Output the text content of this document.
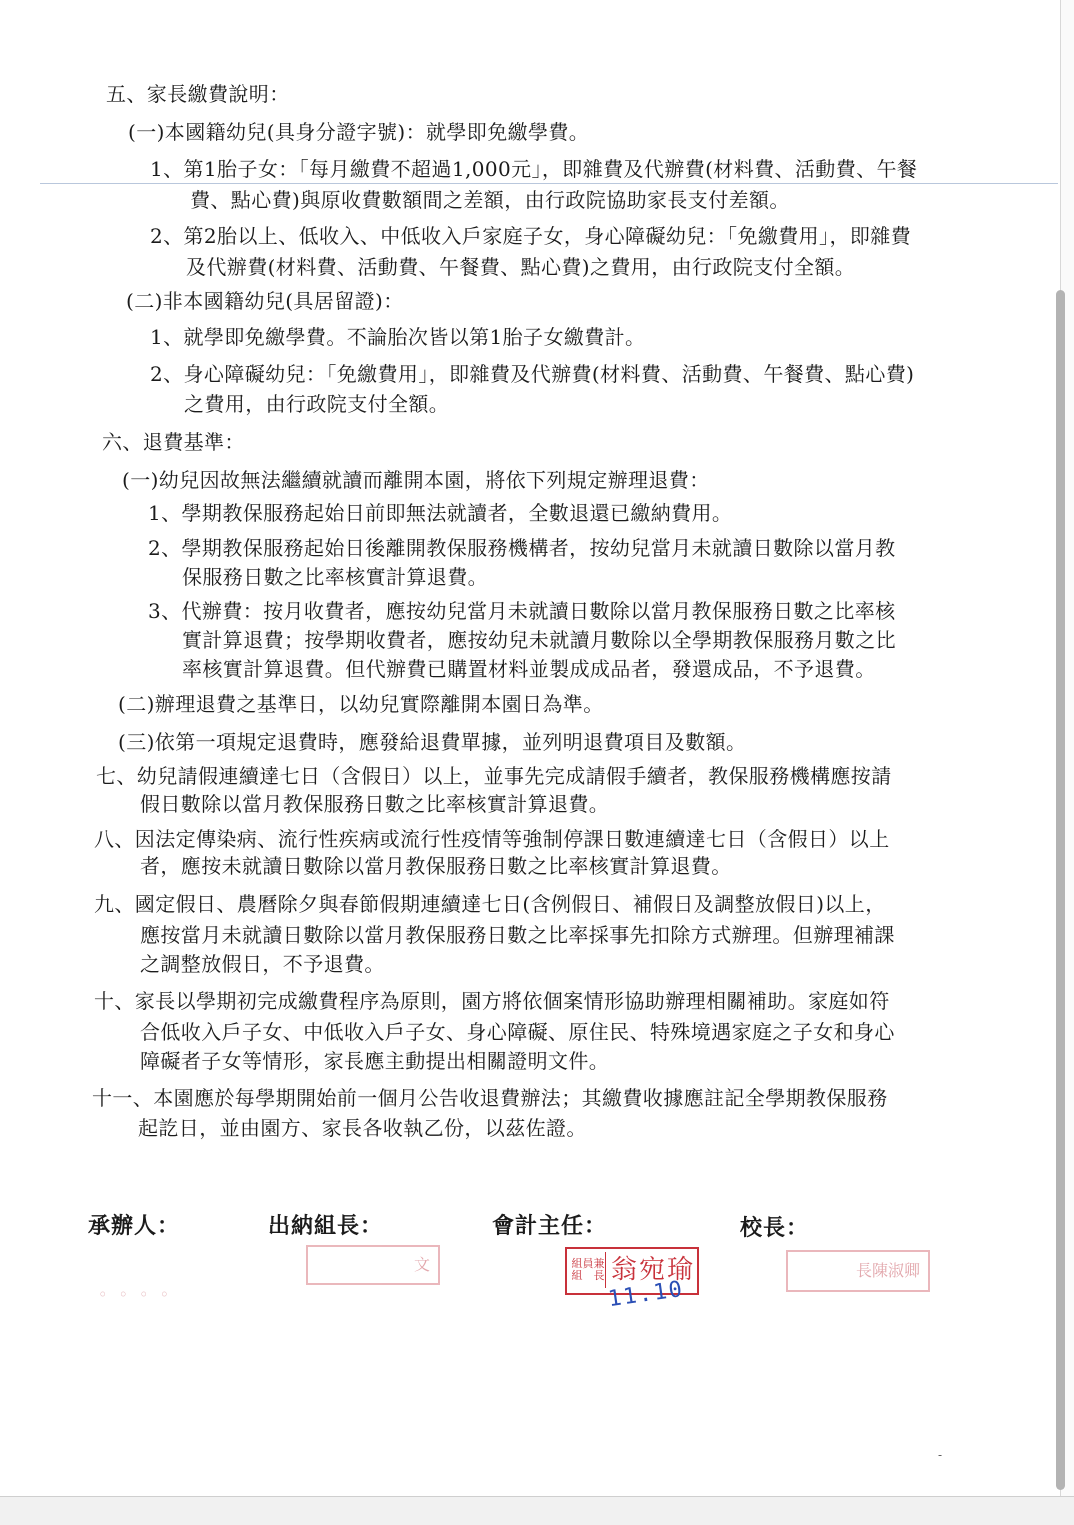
五、家長繳費說明：
(一)本國籍幼兒(具身分證字號)：就學即免繳學費。
1、第1胎子女：「每月繳費不超過1,000元」，即雜費及代辦費(材料費、活動費、午餐
費、點心費)與原收費數額間之差額，由行政院協助家長支付差額。
2、第2胎以上、低收入、中低收入戶家庭子女，身心障礙幼兒：「免繳費用」，即雜費
及代辦費(材料費、活動費、午餐費、點心費)之費用，由行政院支付全額。
(二)非本國籍幼兒(具居留證)：
1、就學即免繳學費。不論胎次皆以第1胎子女繳費計。
2、身心障礙幼兒：「免繳費用」，即雜費及代辦費(材料費、活動費、午餐費、點心費)
之費用，由行政院支付全額。
六、退費基準：
(一)幼兒因故無法繼續就讀而離開本園，將依下列規定辦理退費：
1、學期教保服務起始日前即無法就讀者，全數退還已繳納費用。
2、學期教保服務起始日後離開教保服務機構者，按幼兒當月未就讀日數除以當月教
保服務日數之比率核實計算退費。
3、代辦費：按月收費者，應按幼兒當月未就讀日數除以當月教保服務日數之比率核
實計算退費；按學期收費者，應按幼兒未就讀月數除以全學期教保服務月數之比
率核實計算退費。但代辦費已購置材料並製成成品者，發還成品，不予退費。
(二)辦理退費之基準日，以幼兒實際離開本園日為準。
(三)依第一項規定退費時，應發給退費單據，並列明退費項目及數額。
七、幼兒請假連續達七日（含假日）以上，並事先完成請假手續者，教保服務機構應按請
假日數除以當月教保服務日數之比率核實計算退費。
八、因法定傳染病、流行性疾病或流行性疫情等強制停課日數連續達七日（含假日）以上
者，應按未就讀日數除以當月教保服務日數之比率核實計算退費。
九、國定假日、農曆除夕與春節假期連續達七日(含例假日、補假日及調整放假日)以上，
應按當月未就讀日數除以當月教保服務日數之比率採事先扣除方式辦理。但辦理補課
之調整放假日，不予退費。
十、家長以學期初完成繳費程序為原則，園方將依個案情形協助辦理相關補助。家庭如符
合低收入戶子女、中低收入戶子女、身心障礙、原住民、特殊境遇家庭之子女和身心
障礙者子女等情形，家長應主動提出相關證明文件。
十一、本園應於每學期開始前一個月公告收退費辦法；其繳費收據應註記全學期教保服務
起訖日，並由園方、家長各收執乙份，以茲佐證。
承辦人：	出納組長：	會計主任：	校長：
◦ ◦ ◦ ◦
文	組員兼
組　長 翁宛瑜
11.10
長陳淑卿
-
